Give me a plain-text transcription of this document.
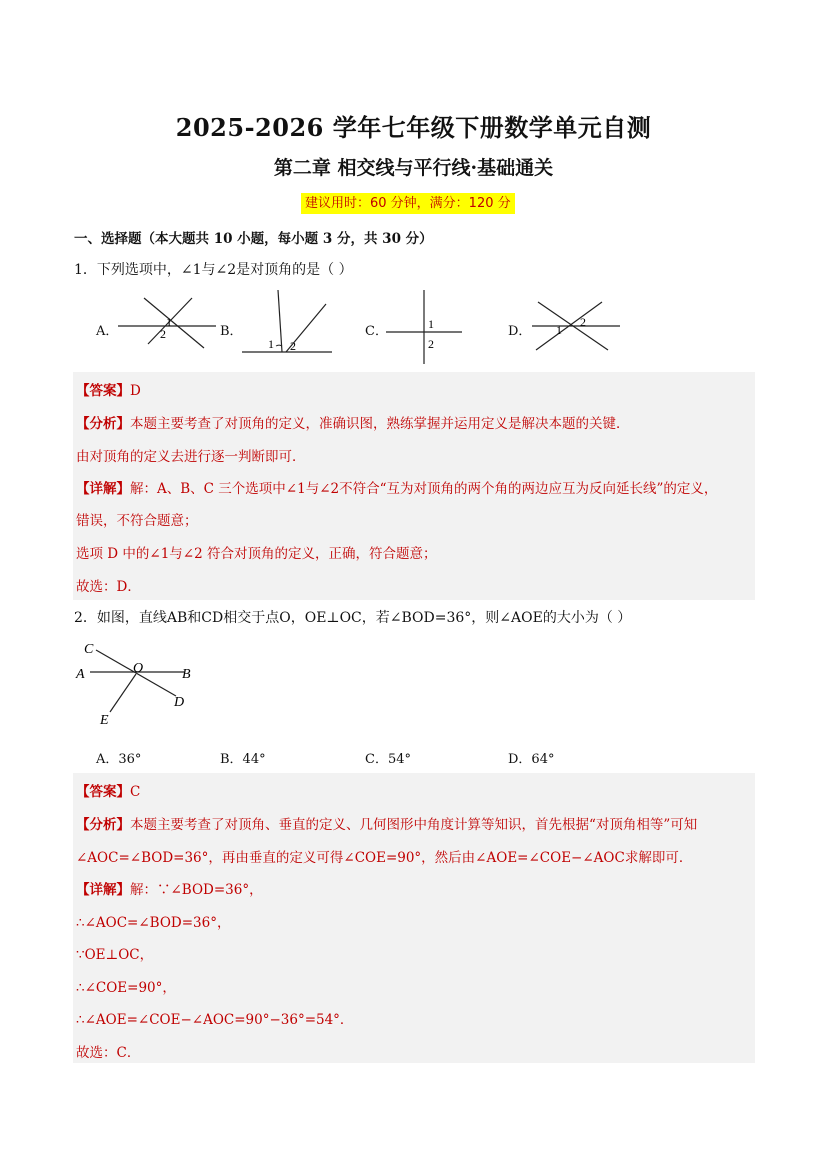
2025-2026 学年七年级下册数学单元自测
第二章 相交线与平行线·基础通关
建议用时：60 分钟，满分：120 分
一、选择题（本大题共 10 小题，每小题 3 分，共 30 分）
1．下列选项中，∠1与∠2是对顶角的是（ ）
A．	B．	C．	D．
1
2
1 2
1
2
1
2
【答案】D
【分析】本题主要考查了对顶角的定义，准确识图，熟练掌握并运用定义是解决本题的关键．
由对顶角的定义去进行逐一判断即可．
【详解】解：A、B、C 三个选项中∠1与∠2不符合“互为对顶角的两个角的两边应互为反向延长线”的定义，
错误，不符合题意；
选项 D 中的∠1与∠2 符合对顶角的定义，正确，符合题意；
故选：D．
2．如图，直线AB和CD相交于点O，OE⊥OC，若∠BOD=36°，则∠AOE的大小为（ ）
C
A	O	B
D
E
A．36°	B．44°	C．54°	D．64°
【答案】C
【分析】本题主要考查了对顶角、垂直的定义、几何图形中角度计算等知识，首先根据“对顶角相等”可知
∠AOC=∠BOD=36°，再由垂直的定义可得∠COE=90°，然后由∠AOE=∠COE−∠AOC求解即可．
【详解】解：∵∠BOD=36°，
∴∠AOC=∠BOD=36°，
∵OE⊥OC，
∴∠COE=90°，
∴∠AOE=∠COE−∠AOC=90°−36°=54°．
故选：C．
